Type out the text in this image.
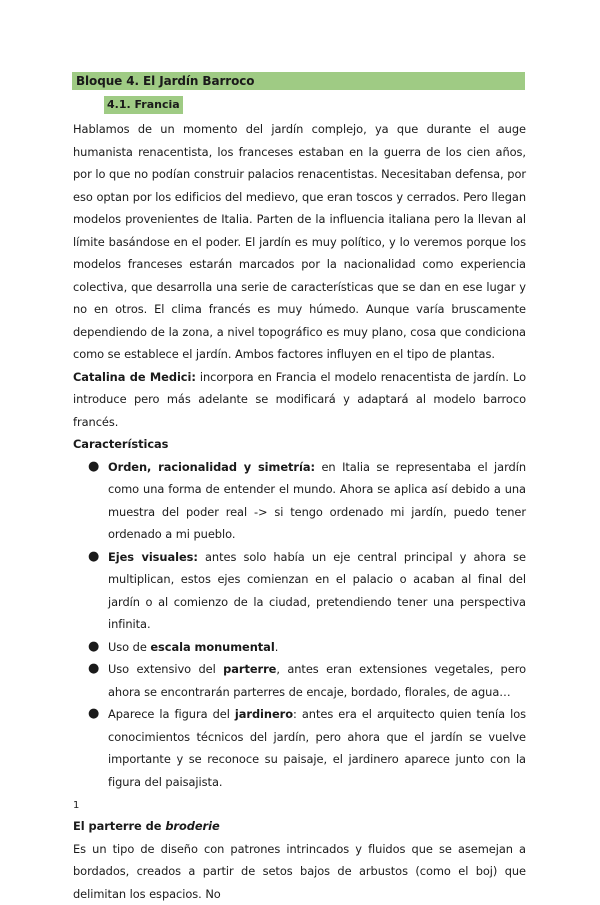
Bloque 4. El Jardín Barroco
4.1. Francia

Hablamos de un momento del jardín complejo, ya que durante el auge humanista renacentista, los franceses estaban en la guerra de los cien años, por lo que no podían construir palacios renacentistas. Necesitaban defensa, por eso optan por los edificios del medievo, que eran toscos y cerrados. Pero llegan modelos provenientes de Italia. Parten de la influencia italiana pero la llevan al límite basándose en el poder. El jardín es muy político, y lo veremos porque los modelos franceses estarán marcados por la nacionalidad como experiencia colectiva, que desarrolla una serie de características que se dan en ese lugar y no en otros. El clima francés es muy húmedo. Aunque varía bruscamente dependiendo de la zona, a nivel topográfico es muy plano, cosa que condiciona como se establece el jardín. Ambos factores influyen en el tipo de plantas.

Catalina de Medici: incorpora en Francia el modelo renacentista de jardín. Lo introduce pero más adelante se modificará y adaptará al modelo barroco francés.

Características

● Orden, racionalidad y simetría: en Italia se representaba el jardín como una forma de entender el mundo. Ahora se aplica así debido a una muestra del poder real -> si tengo ordenado mi jardín, puedo tener ordenado a mi pueblo.
● Ejes visuales: antes solo había un eje central principal y ahora se multiplican, estos ejes comienzan en el palacio o acaban al final del jardín o al comienzo de la ciudad, pretendiendo tener una perspectiva infinita.
● Uso de escala monumental.
● Uso extensivo del parterre, antes eran extensiones vegetales, pero ahora se encontrarán parterres de encaje, bordado, florales, de agua…
● Aparece la figura del jardinero: antes era el arquitecto quien tenía los conocimientos técnicos del jardín, pero ahora que el jardín se vuelve importante y se reconoce su paisaje, el jardinero aparece junto con la figura del paisajista.

El parterre de broderie

Es un tipo de diseño con patrones intrincados y fluidos que se asemejan a bordados, creados a partir de setos bajos de arbustos (como el boj) que delimitan los espacios. No

1
